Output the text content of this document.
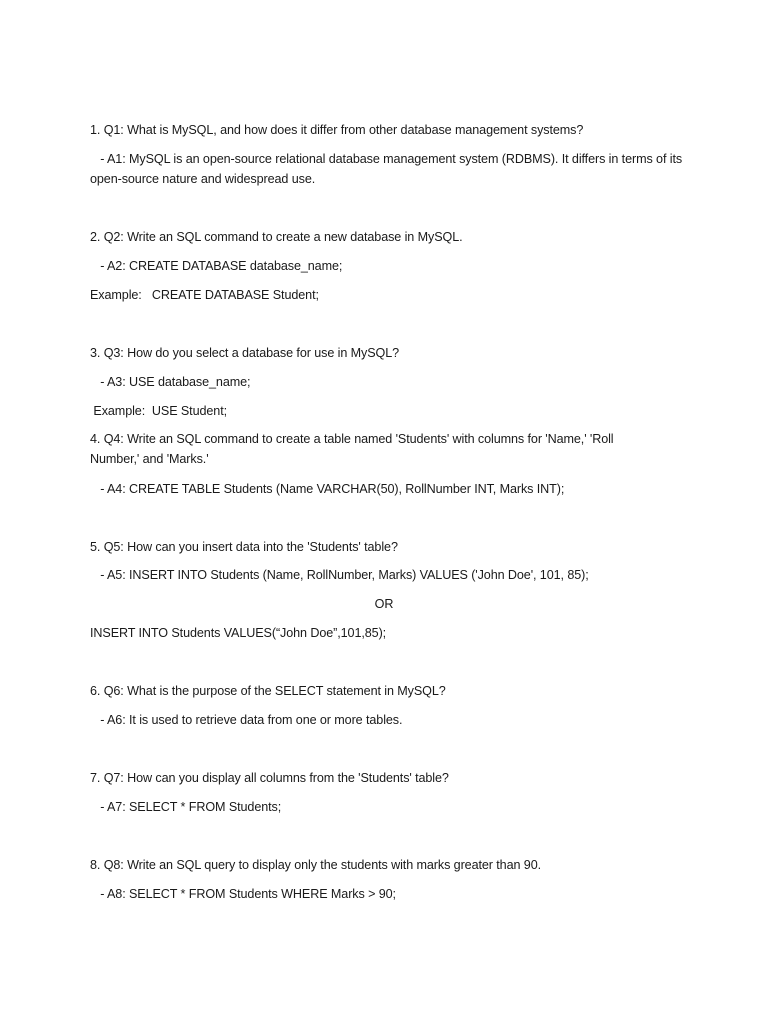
1. Q1: What is MySQL, and how does it differ from other database management systems?
- A1: MySQL is an open-source relational database management system (RDBMS). It differs in terms of its open-source nature and widespread use.
2. Q2: Write an SQL command to create a new database in MySQL.
- A2: CREATE DATABASE database_name;
Example:   CREATE DATABASE Student;
3. Q3: How do you select a database for use in MySQL?
- A3: USE database_name;
Example:  USE Student;
4. Q4: Write an SQL command to create a table named 'Students' with columns for 'Name,' 'Roll Number,' and 'Marks.'
- A4: CREATE TABLE Students (Name VARCHAR(50), RollNumber INT, Marks INT);
5. Q5: How can you insert data into the 'Students' table?
- A5: INSERT INTO Students (Name, RollNumber, Marks) VALUES ('John Doe', 101, 85);
OR
INSERT INTO Students VALUES(“John Doe”,101,85);
6. Q6: What is the purpose of the SELECT statement in MySQL?
- A6: It is used to retrieve data from one or more tables.
7. Q7: How can you display all columns from the 'Students' table?
- A7: SELECT * FROM Students;
8. Q8: Write an SQL query to display only the students with marks greater than 90.
- A8: SELECT * FROM Students WHERE Marks > 90;
